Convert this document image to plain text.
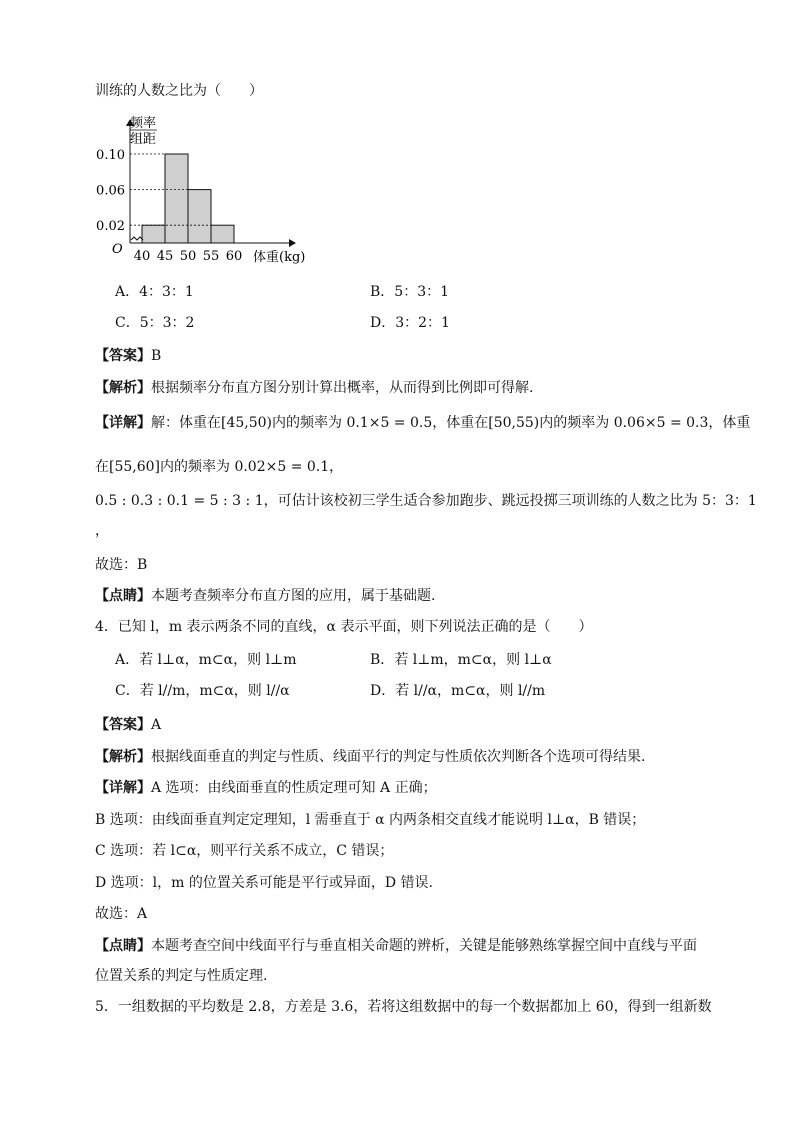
训练的人数之比为（　　）
频率
组距
O
体重(kg)
0.02
0.06
0.10
40 45 50 55 60
A．4：3：1	B．5：3：1
C．5：3：2	D．3：2：1
【答案】B
【解析】根据频率分布直方图分别计算出概率，从而得到比例即可得解.
【详解】解：体重在[45,50)内的频率为 0.1×5 = 0.5，体重在[50,55)内的频率为 0.06×5 = 0.3，体重
在[55,60]内的频率为 0.02×5 = 0.1，
0.5 : 0.3 : 0.1 = 5 : 3 : 1，可估计该校初三学生适合参加跑步、跳远投掷三项训练的人数之比为 5：3：1
，
故选：B
【点睛】本题考查频率分布直方图的应用，属于基础题.
4．已知 l，m 表示两条不同的直线，α 表示平面，则下列说法正确的是（　　）
A．若 l⊥α，m⊂α，则 l⊥m	B．若 l⊥m，m⊂α，则 l⊥α
C．若 l//m，m⊂α，则 l//α	D．若 l//α，m⊂α，则 l//m
【答案】A
【解析】根据线面垂直的判定与性质、线面平行的判定与性质依次判断各个选项可得结果.
【详解】A 选项：由线面垂直的性质定理可知 A 正确；
B 选项：由线面垂直判定定理知，l 需垂直于 α 内两条相交直线才能说明 l⊥α，B 错误；
C 选项：若 l⊂α，则平行关系不成立，C 错误；
D 选项：l，m 的位置关系可能是平行或异面，D 错误.
故选：A
【点睛】本题考查空间中线面平行与垂直相关命题的辨析，关键是能够熟练掌握空间中直线与平面
位置关系的判定与性质定理.
5．一组数据的平均数是 2.8，方差是 3.6，若将这组数据中的每一个数据都加上 60，得到一组新数
